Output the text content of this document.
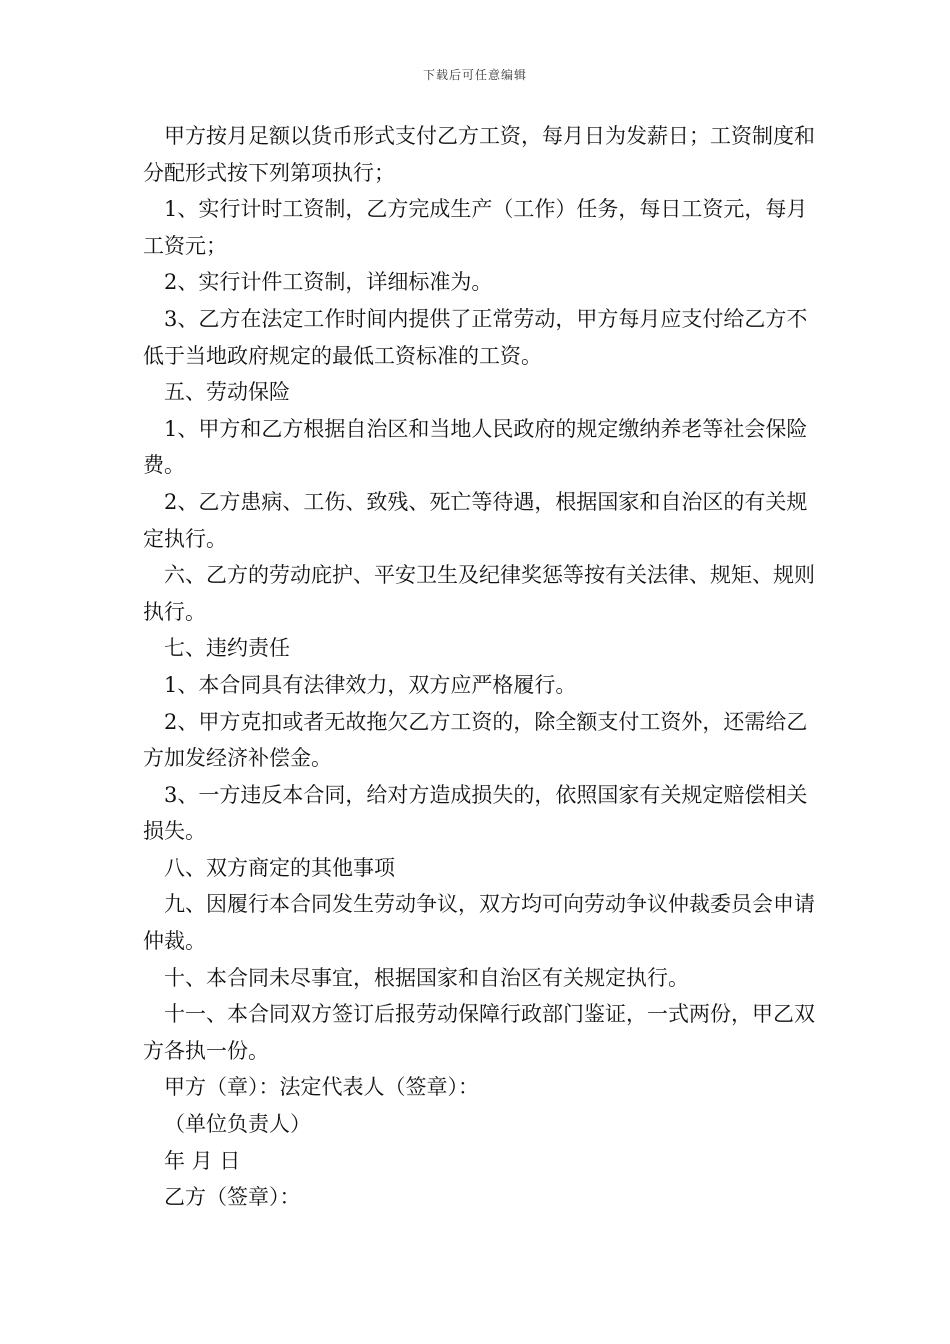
下载后可任意编辑

甲方按月足额以货币形式支付乙方工资，每月日为发薪日；工资制度和分配形式按下列第项执行；

1、实行计时工资制，乙方完成生产（工作）任务，每日工资元，每月工资元；

2、实行计件工资制，详细标准为。

3、乙方在法定工作时间内提供了正常劳动，甲方每月应支付给乙方不低于当地政府规定的最低工资标准的工资。

五、劳动保险

1、甲方和乙方根据自治区和当地人民政府的规定缴纳养老等社会保险费。

2、乙方患病、工伤、致残、死亡等待遇，根据国家和自治区的有关规定执行。

六、乙方的劳动庇护、平安卫生及纪律奖惩等按有关法律、规矩、规则执行。

七、违约责任

1、本合同具有法律效力，双方应严格履行。

2、甲方克扣或者无故拖欠乙方工资的，除全额支付工资外，还需给乙方加发经济补偿金。

3、一方违反本合同，给对方造成损失的，依照国家有关规定赔偿相关损失。

八、双方商定的其他事项

九、因履行本合同发生劳动争议，双方均可向劳动争议仲裁委员会申请仲裁。

十、本合同未尽事宜，根据国家和自治区有关规定执行。

十一、本合同双方签订后报劳动保障行政部门鉴证，一式两份，甲乙双方各执一份。

甲方（章）：法定代表人（签章）：

（单位负责人）

年 月 日

乙方（签章）：
